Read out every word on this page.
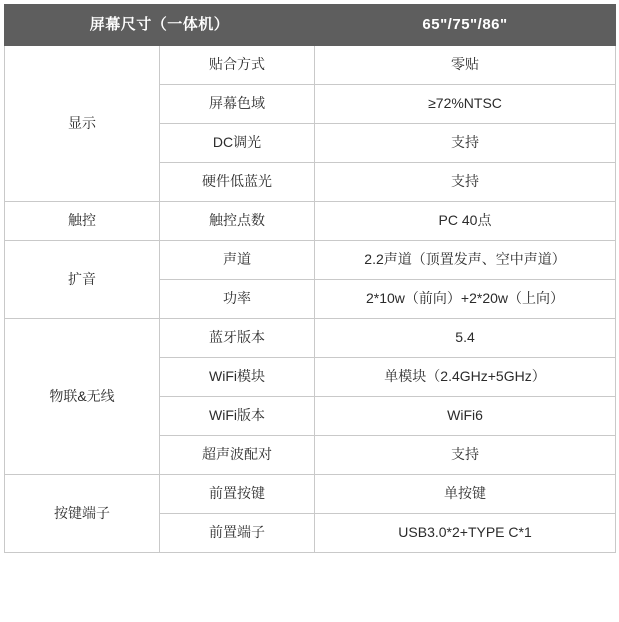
屏幕尺寸（一体机）		65"/75"/86"
显示	贴合方式	零贴
	屏幕色域	≥72%NTSC
	DC调光	支持
	硬件低蓝光	支持
触控	触控点数	PC 40点
扩音	声道	2.2声道（顶置发声、空中声道）
	功率	2*10w（前向）+2*20w（上向）
物联&无线	蓝牙版本	5.4
	WiFi模块	单模块（2.4GHz+5GHz）
	WiFi版本	WiFi6
	超声波配对	支持
按键端子	前置按键	单按键
	前置端子	USB3.0*2+TYPE C*1
